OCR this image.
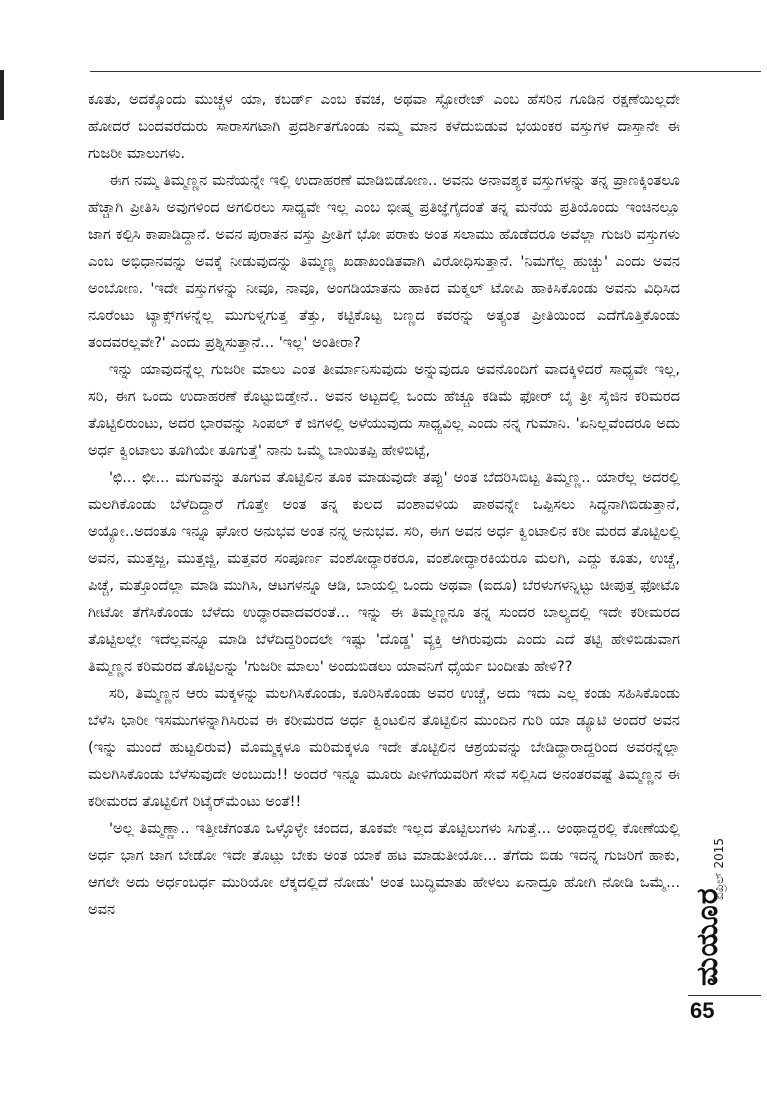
ಕೂತು, ಅದಕ್ಕೊಂದು ಮುಚ್ಚಳ ಯಾ, ಕಬರ್ಡ್ ಎಂಬ ಕವಚ, ಅಥವಾ ಸ್ಟೋರೇಜ್ ಎಂಬ ಹೆಸರಿನ ಗೂಡಿನ ರಕ್ಷಣೆಯಿಲ್ಲದೇ ಹೋದರೆ ಬಂದವರೆದುರು ಸಾರಾಸಗಟಾಗಿ ಪ್ರದರ್ಶಿತಗೊಂಡು ನಮ್ಮ ಮಾನ ಕಳೆದುಬಿಡುವ ಭಯಂಕರ ವಸ್ತುಗಳ ದಾಸ್ತಾನೇ ಈ ಗುಜರೀ ಮಾಲುಗಳು.

ಈಗ ನಮ್ಮ ತಿಮ್ಮಣ್ಣನ ಮನೆಯನ್ನೇ ಇಲ್ಲಿ ಉದಾಹರಣೆ ಮಾಡಿಬಿಡೋಣ.. ಅವನು ಅನಾವಶ್ಯಕ ವಸ್ತುಗಳನ್ನು ತನ್ನ ಪ್ರಾಣಕ್ಕಿಂತಲೂ ಹೆಚ್ಚಾಗಿ ಪ್ರೀತಿಸಿ ಅವುಗಳಿಂದ ಅಗಲಿರಲು ಸಾಧ್ಯವೇ ಇಲ್ಲ ಎಂಬ ಭೀಷ್ಮ ಪ್ರತಿಜ್ಞೆಗೈದಂತೆ ತನ್ನ ಮನೆಯ ಪ್ರತಿಯೊಂದು ಇಂಚಿನಲ್ಲೂ ಜಾಗ ಕಲ್ಪಿಸಿ ಕಾಪಾಡಿದ್ದಾನೆ. ಅವನ ಪುರಾತನ ವಸ್ತು ಪ್ರೀತಿಗೆ ಭೋ ಪರಾಕು ಅಂತ ಸಲಾಮು ಹೊಡೆದರೂ ಅವೆಲ್ಲಾ ಗುಜರಿ ವಸ್ತುಗಳು ಎಂಬ ಅಭಿಧಾನವನ್ನು ಅವಕ್ಕೆ ನೀಡುವುದನ್ನು ತಿಮ್ಮಣ್ಣ ಖಡಾಖಂಡಿತವಾಗಿ ವಿರೋಧಿಸುತ್ತಾನೆ. 'ನಿಮಗೆಲ್ಲ ಹುಚ್ಚು' ಎಂದು ಅವನ ಅಂಬೋಣ. 'ಇದೇ ವಸ್ತುಗಳನ್ನು ನೀವೂ, ನಾವೂ, ಅಂಗಡಿಯಾತನು ಹಾಕಿದ ಮಕ್ಮಲ್ ಟೋಪಿ ಹಾಕಿಸಿಕೊಂಡು ಅವನು ವಿಧಿಸಿದ ನೂರೆಂಟು ಟ್ಯಾಕ್ಸ್‌ಗಳನ್ನೆಲ್ಲ ಮುಗುಳ್ನಗುತ್ತ ತೆತ್ತು, ಕಟ್ಟಿಕೊಟ್ಟ ಬಣ್ಣದ ಕವರನ್ನು ಅತ್ಯಂತ ಪ್ರೀತಿಯಿಂದ ಎದೆಗೊತ್ತಿಕೊಂಡು ತಂದವರಲ್ಲವೇ?' ಎಂದು ಪ್ರಶ್ನಿಸುತ್ತಾನೆ... 'ಇಲ್ಲ' ಅಂತೀರಾ?

ಇನ್ನು ಯಾವುದನ್ನೆಲ್ಲ ಗುಜರೀ ಮಾಲು ಎಂತ ತೀರ್ಮಾನಿಸುವುದು ಅನ್ನುವುದೂ ಅವನೊಂದಿಗೆ ವಾದಕ್ಕಿಳಿದರೆ ಸಾಧ್ಯವೇ ಇಲ್ಲ, ಸರಿ, ಈಗ ಒಂದು ಉದಾಹರಣೆ ಕೊಟ್ಟುಬಿಡ್ತೇನೆ.. ಅವನ ಅಟ್ಟದಲ್ಲಿ ಒಂದು ಹೆಚ್ಚೂ ಕಡಿಮೆ ಫೋರ್ ಬೈ ತ್ರೀ ಸೈಜಿನ ಕರಿಮರದ ತೊಟ್ಟಿಲಿರುಂಟು, ಅದರ ಭಾರವನ್ನು ಸಿಂಪಲ್ ಕೆ ಜಿಗಳಲ್ಲಿ ಅಳೆಯುವುದು ಸಾಧ್ಯವಿಲ್ಲ ಎಂದು ನನ್ನ ಗುಮಾನಿ. 'ಏನಿಲ್ಲವೆಂದರೂ ಅದು ಅರ್ಧ ಕ್ವಿಂಟಾಲು ತೂಗಿಯೇ ತೂಗುತ್ತೆ' ನಾನು ಒಮ್ಮೆ ಬಾಯಿತಪ್ಪಿ ಹೇಳಿಬಿಟ್ಟೆ,

'ಛಿ... ಛೀ... ಮಗುವನ್ನು ತೂಗುವ ತೊಟ್ಟಿಲಿನ ತೂಕ ಮಾಡುವುದೇ ತಪ್ಪು' ಅಂತ ಬೆದರಿಸಿಬಿಟ್ಟ ತಿಮ್ಮಣ್ಣ.. ಯಾರೆಲ್ಲ ಅದರಲ್ಲಿ ಮಲಗಿಕೊಂಡು ಬೆಳೆದಿದ್ದಾರೆ ಗೊತ್ತೇ ಅಂತ ತನ್ನ ಕುಲದ ವಂಶಾವಳಿಯ ಪಾಠವನ್ನೇ ಒಪ್ಪಿಸಲು ಸಿದ್ಧನಾಗಿಬಿಡುತ್ತಾನೆ, ಅಯ್ಯೋ..ಅದಂತೂ ಇನ್ನೂ ಘೋರ ಅನುಭವ ಅಂತ ನನ್ನ ಅನುಭವ. ಸರಿ, ಈಗ ಅವನ ಅರ್ಧ ಕ್ವಿಂಟಾಲಿನ ಕರೀ ಮರದ ತೊಟ್ಟಿಲಲ್ಲಿ ಅವನ, ಮುತ್ತಜ್ಜ, ಮುತ್ತಜ್ಜಿ, ಮತ್ತವರ ಸಂಪೂರ್ಣ ವಂಶೋದ್ಧಾರಕರೂ, ವಂಶೋದ್ಧಾರಕಿಯರೂ ಮಲಗಿ, ಎದ್ದು ಕೂತು, ಉಚ್ಚೆ, ಪಿಚ್ಚೆ, ಮತ್ತೊಂದೆಲ್ಲಾ ಮಾಡಿ ಮುಗಿಸಿ, ಆಟಗಳನ್ನೂ ಆಡಿ, ಬಾಯಲ್ಲಿ ಒಂದು ಅಥವಾ (ಐದೂ) ಬೆರಳುಗಳನ್ನಿಟ್ಟು ಚೀಪುತ್ತ ಫೋಟೊ ಗೀಟೋ ತೆಗೆಸಿಕೊಂಡು ಬೆಳೆದು ಉದ್ಧಾರವಾದವರಂತೆ... ಇನ್ನು ಈ ತಿಮ್ಮಣ್ಣನೂ ತನ್ನ ಸುಂದರ ಬಾಲ್ಯದಲ್ಲಿ ಇದೇ ಕರೀಮರದ ತೊಟ್ಟಿಲಲ್ಲೇ ಇದೆಲ್ಲವನ್ನೂ ಮಾಡಿ ಬೆಳೆದಿದ್ದರಿಂದಲೇ ಇಷ್ಟು 'ದೊಡ್ಡ' ವ್ಯಕ್ತಿ ಆಗಿರುವುದು ಎಂದು ಎದೆ ತಟ್ಟಿ ಹೇಳಿಬಿಡುವಾಗ ತಿಮ್ಮಣ್ಣನ ಕರಿಮರದ ತೊಟ್ಟಿಲನ್ನು 'ಗುಜರೀ ಮಾಲು' ಅಂದುಬಿಡಲು ಯಾವನಿಗೆ ಧೈರ್ಯ ಬಂದೀತು ಹೇಳಿ??

ಸರಿ, ತಿಮ್ಮಣ್ಣನ ಆರು ಮಕ್ಕಳನ್ನು ಮಲಗಿಸಿಕೊಂಡು, ಕೂರಿಸಿಕೊಂಡು ಅವರ ಉಚ್ಚೆ, ಅದು ಇದು ಎಲ್ಲ ಕಂಡು ಸಹಿಸಿಕೊಂಡು ಬೆಳೆಸಿ ಭಾರೀ ಇಸಮುಗಳನ್ನಾಗಿಸಿರುವ ಈ ಕರೀಮರದ ಅರ್ಧ ಕ್ವಿಂಟಲಿನ ತೊಟ್ಟಿಲಿನ ಮುಂದಿನ ಗುರಿ ಯಾ ಡ್ಯೂಟಿ ಅಂದರೆ ಅವನ (ಇನ್ನು ಮುಂದೆ ಹುಟ್ಟಲಿರುವ) ಮೊಮ್ಮಕ್ಕಳೂ ಮರಿಮಕ್ಕಳೂ ಇದೇ ತೊಟ್ಟಿಲಿನ ಆಶ್ರಯವನ್ನು ಬೇಡಿದ್ದಾರಾದ್ದರಿಂದ ಅವರನ್ನೆಲ್ಲಾ ಮಲಗಿಸಿಕೊಂಡು ಬೆಳೆಸುವುದೇ ಅಂಬುದು!! ಅಂದರೆ ಇನ್ನೂ ಮೂರು ಪೀಳಿಗೆಯವರಿಗೆ ಸೇವೆ ಸಲ್ಲಿಸಿದ ಅನಂತರವಷ್ಟೆ ತಿಮ್ಮಣ್ಣನ ಈ ಕರೀಮರದ ತೊಟ್ಟಿಲಿಗೆ ರಿಟೈರ್‌ಮೆಂಟು ಅಂತೆ!!

'ಅಲ್ಲ ತಿಮ್ಮಣ್ಣಾ.. ಇತ್ತೀಚೆಗಂತೂ ಒಳ್ಳೊಳ್ಳೇ ಚಂದದ, ತೂಕವೇ ಇಲ್ಲದ ತೊಟ್ಟಿಲುಗಳು ಸಿಗುತ್ತೆ... ಅಂಥಾದ್ದರಲ್ಲಿ ಕೋಣೆಯಲ್ಲಿ ಅರ್ಧ ಭಾಗ ಜಾಗ ಬೇಡೋ ಇದೇ ತೊಟ್ಲು ಬೇಕು ಅಂತ ಯಾಕೆ ಹಟ ಮಾಡುತೀಯೋ... ತೆಗೆದು ಬಿಡು ಇದನ್ನ ಗುಜರಿಗೆ ಹಾಕು, ಆಗಲೇ ಅದು ಅರ್ಧಂಬರ್ಧ ಮುರಿಯೋ ಲೆಕ್ಕದಲ್ಲಿದೆ ನೋಡು' ಅಂತ ಬುದ್ಧಿಮಾತು ಹೇಳಲು ಏನಾದ್ರೂ ಹೋಗಿ ನೋಡಿ ಒಮ್ಮೆ... ಅವನ

ಏಪ್ರಿಲ್ 2015
ಮಯೂರ
65
